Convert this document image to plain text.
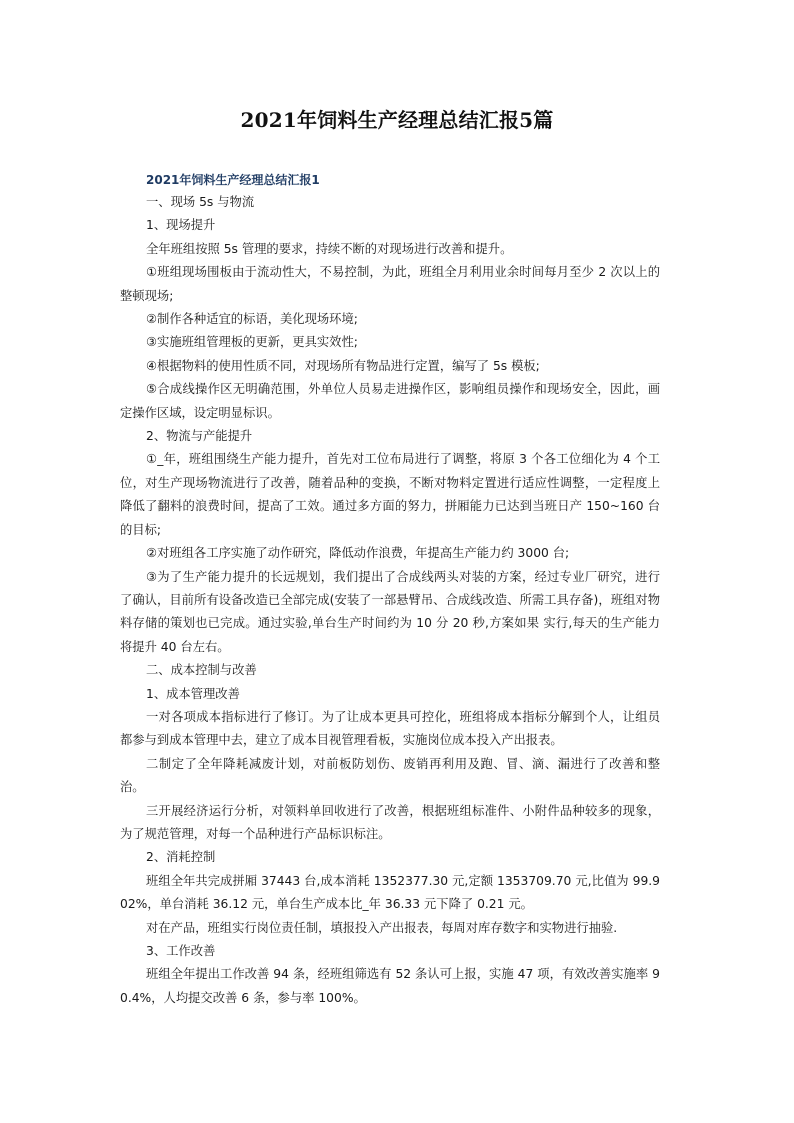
2021年饲料生产经理总结汇报5篇
2021年饲料生产经理总结汇报1

一、现场 5s 与物流

1、现场提升

全年班组按照 5s 管理的要求，持续不断的对现场进行改善和提升。

①班组现场围板由于流动性大，不易控制，为此，班组全月利用业余时间每月至少 2 次以上的整顿现场;

②制作各种适宜的标语，美化现场环境;

③实施班组管理板的更新，更具实效性;

④根据物料的使用性质不同，对现场所有物品进行定置，编写了 5s 模板;

⑤合成线操作区无明确范围，外单位人员易走进操作区，影响组员操作和现场安全，因此，画定操作区域，设定明显标识。

2、物流与产能提升

①_年，班组围绕生产能力提升，首先对工位布局进行了调整，将原 3 个各工位细化为 4 个工位，对生产现场物流进行了改善，随着品种的变换，不断对物料定置进行适应性调整，一定程度上降低了翻料的浪费时间，提高了工效。通过多方面的努力，拼厢能力已达到当班日产 150~160 台的目标;

②对班组各工序实施了动作研究，降低动作浪费，年提高生产能力约 3000 台;

③为了生产能力提升的长远规划，我们提出了合成线两头对装的方案，经过专业厂研究，进行了确认，目前所有设备改造已全部完成(安装了一部悬臂吊、合成线改造、所需工具存备)，班组对物料存储的策划也已完成。通过实验,单台生产时间约为 10 分 20 秒,方案如果 实行,每天的生产能力将提升 40 台左右。

二、成本控制与改善

1、成本管理改善

一对各项成本指标进行了修订。为了让成本更具可控化，班组将成本指标分解到个人，让组员都参与到成本管理中去，建立了成本目视管理看板，实施岗位成本投入产出报表。

二制定了全年降耗减废计划，对前板防划伤、废销再利用及跑、冒、滴、漏进行了改善和整治。

三开展经济运行分析，对领料单回收进行了改善，根据班组标准件、小附件品种较多的现象，为了规范管理，对每一个品种进行产品标识标注。

2、消耗控制

班组全年共完成拼厢 37443 台,成本消耗 1352377.30 元,定额 1353709.70 元,比值为 99.902%，单台消耗 36.12 元，单台生产成本比_年 36.33 元下降了 0.21 元。

对在产品，班组实行岗位责任制，填报投入产出报表，每周对库存数字和实物进行抽验.

3、工作改善

班组全年提出工作改善 94 条，经班组筛选有 52 条认可上报，实施 47 项，有效改善实施率 90.4%，人均提交改善 6 条，参与率 100%。
